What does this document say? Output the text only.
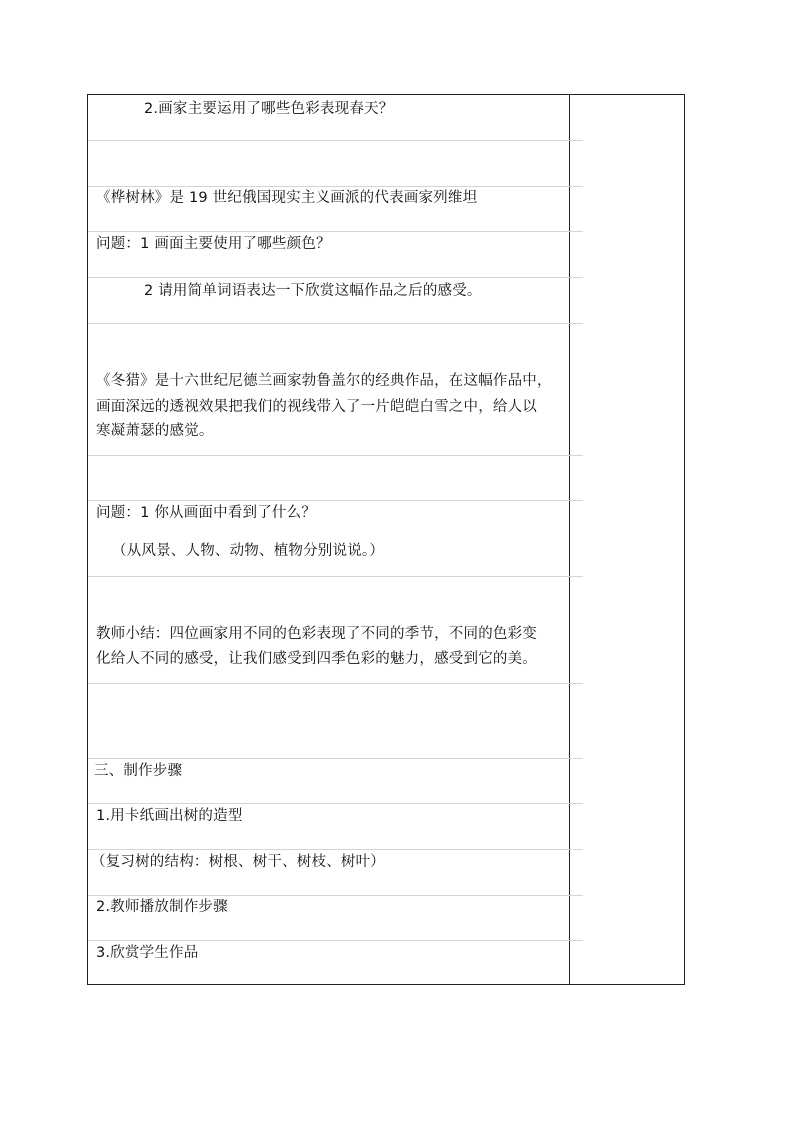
2.画家主要运用了哪些色彩表现春天？
《桦树林》是 19 世纪俄国现实主义画派的代表画家列维坦
问题：1 画面主要使用了哪些颜色？
2 请用简单词语表达一下欣赏这幅作品之后的感受。
《冬猎》是十六世纪尼德兰画家勃鲁盖尔的经典作品，在这幅作品中，
画面深远的透视效果把我们的视线带入了一片皑皑白雪之中，给人以
寒凝萧瑟的感觉。
问题：1 你从画面中看到了什么？
（从风景、人物、动物、植物分别说说。）
教师小结：四位画家用不同的色彩表现了不同的季节，不同的色彩变
化给人不同的感受，让我们感受到四季色彩的魅力，感受到它的美。
三、制作步骤
1.用卡纸画出树的造型
（复习树的结构：树根、树干、树枝、树叶）
2.教师播放制作步骤
3.欣赏学生作品
